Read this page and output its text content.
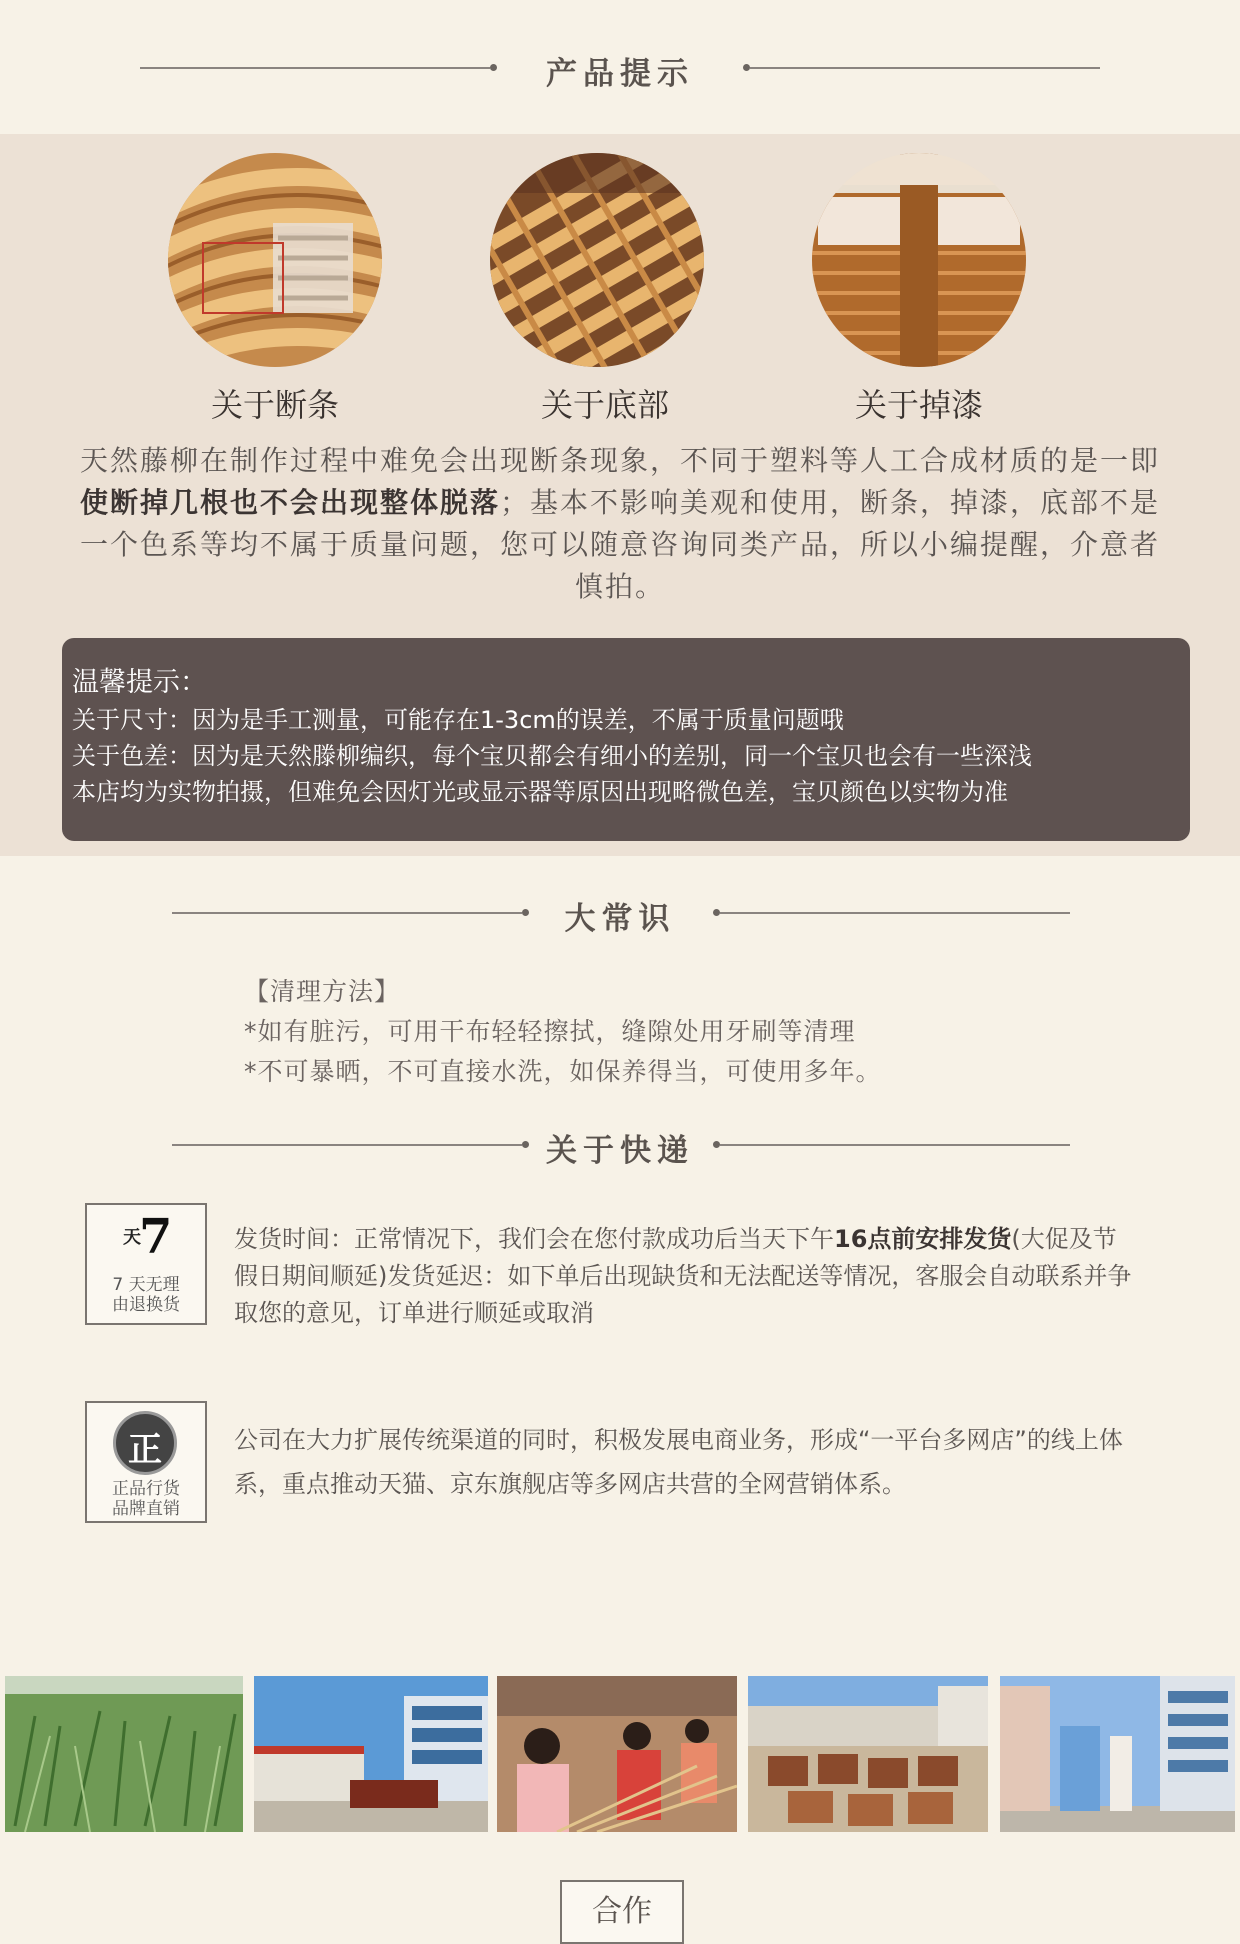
产品提示
关于断条	关于底部	关于掉漆
天然藤柳在制作过程中难免会出现断条现象，不同于塑料等人工合成材质的是一即使断掉几根也不会出现整体脱落；基本不影响美观和使用，断条，掉漆，底部不是一个色系等均不属于质量问题，您可以随意咨询同类产品，所以小编提醒，介意者慎拍。
温馨提示：
关于尺寸：因为是手工测量，可能存在1-3cm的误差，不属于质量问题哦
关于色差：因为是天然滕柳编织，每个宝贝都会有细小的差别，同一个宝贝也会有一些深浅
本店均为实物拍摄，但难免会因灯光或显示器等原因出现略微色差，宝贝颜色以实物为准
大常识
【清理方法】
*如有脏污，可用干布轻轻擦拭，缝隙处用牙刷等清理
*不可暴晒，不可直接水洗，如保养得当，可使用多年。
关于快递
天
7
7 天无理
由退换货
发货时间：正常情况下，我们会在您付款成功后当天下午16点前安排发货(大促及节假日期间顺延)发货延迟：如下单后出现缺货和无法配送等情况，客服会自动联系并争取您的意见，订单进行顺延或取消
正
正品行货
品牌直销
公司在大力扩展传统渠道的同时，积极发展电商业务，形成“一平台多网店”的线上体系，重点推动天猫、京东旗舰店等多网店共营的全网营销体系。
合作
